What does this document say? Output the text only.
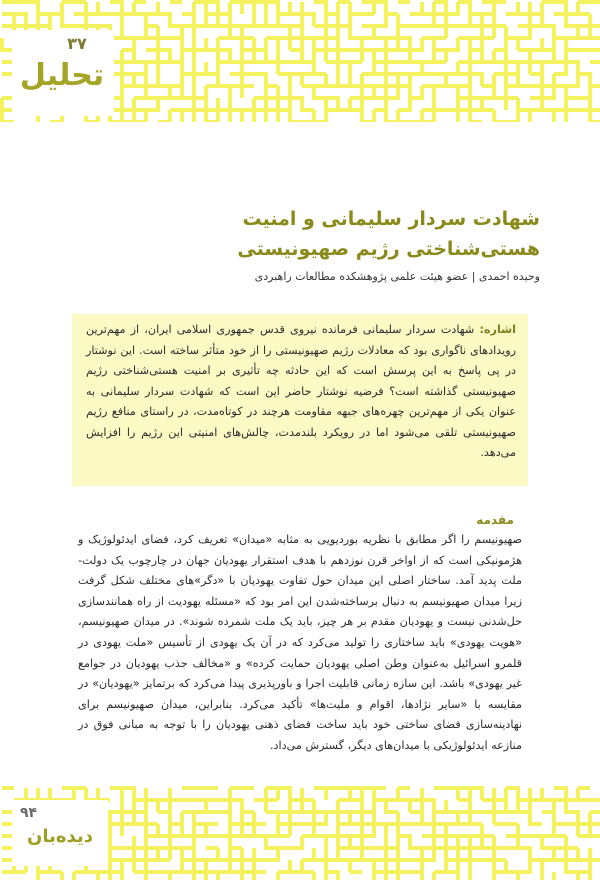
۳۷
تحلیل
شهادت سردار سلیمانی و امنیت
هستی‌شناختی رژیم صهیونیستی
وحیده احمدی | عضو هیئت علمی پژوهشکده مطالعات راهبردی
اشاره: شهادت سردار سلیمانی فرمانده نیروی قدس جمهوری اسلامی ایران، از مهم‌ترین رویدادهای ناگواری بود که معادلات رژیم صهیونیستی را از خود متأثر ساخته است. این نوشتار در پی پاسخ به این پرسش است که این حادثه چه تأثیری بر امنیت هستی‌شناختی رژیم صهیونیستی گذاشته است؟ فرضیه نوشتار حاضر این است که شهادت سردار سلیمانی به عنوان یکی از مهم‌ترین چهره‌های جبهه مقاومت هرچند در کوتاه‌مدت، در راستای منافع رژیم صهیونیستی تلقی می‌شود اما در رویکرد بلندمدت، چالش‌های امنیتی این رژیم را افزایش می‌دهد.
مقدمه
صهیونیسم را اگر مطابق با نظریه بوردیویی به مثابه «میدان» تعریف کرد، فضای ایدئولوژیک و هژمونیکی است که از اواخر قرن نوزدهم با هدف استقرار یهودیان جهان در چارچوب یک دولت- ملت پدید آمد. ساختار اصلی این میدان حول تفاوت یهودیان با «دگر»های مختلف شکل گرفت زیرا میدان صهیونیسم به دنبال برساخته‌شدن این امر بود که «مسئله یهودیت از راه همانندسازی حل‌شدنی نیست و یهودیان مقدم بر هر چیز، باید یک ملت شمرده شوند». در میدان صهیونیسم، «هویت یهودی» باید ساختاری را تولید می‌کرد که در آن یک یهودی از تأسیس «ملت یهودی در قلمرو اسرائیل به‌عنوان وطن اصلی یهودیان حمایت کرده» و «مخالف جذب یهودیان در جوامع غیر یهودی» باشد. این سازه زمانی قابلیت اجرا و باورپذیری پیدا می‌کرد که برتمایز «یهودیان» در مقایسه با «سایر نژادها، اقوام و ملیت‌ها» تأکید می‌کرد. بنابراین، میدان صهیونیسم برای نهادینه‌سازی فضای ساختی خود باید ساخت فضای ذهنی یهودیان را با توجه به مبانی فوق در منازعه ایدئولوژیکی با میدان‌های دیگر، گسترش می‌داد.
۹۴
دیده‌بان
